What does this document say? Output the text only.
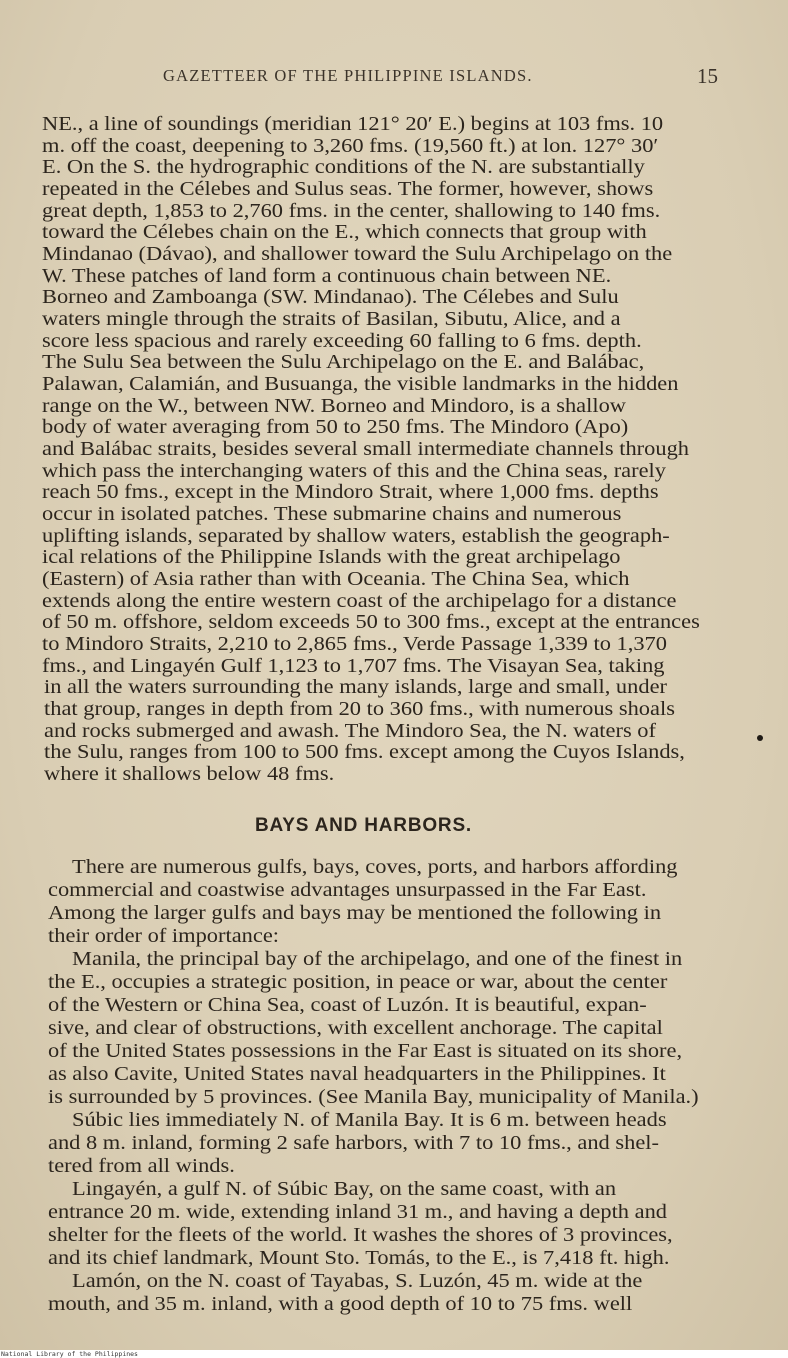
GAZETTEER OF THE PHILIPPINE ISLANDS.	15
NE., a line of soundings (meridian 121° 20′ E.) begins at 103 fms. 10
m. off the coast, deepening to 3,260 fms. (19,560 ft.) at lon. 127° 30′
E. On the S. the hydrographic conditions of the N. are substantially
repeated in the Célebes and Sulus seas. The former, however, shows
great depth, 1,853 to 2,760 fms. in the center, shallowing to 140 fms.
toward the Célebes chain on the E., which connects that group with
Mindanao (Dávao), and shallower toward the Sulu Archipelago on the
W. These patches of land form a continuous chain between NE.
Borneo and Zamboanga (SW. Mindanao). The Célebes and Sulu
waters mingle through the straits of Basilan, Sibutu, Alice, and a
score less spacious and rarely exceeding 60 falling to 6 fms. depth.
The Sulu Sea between the Sulu Archipelago on the E. and Balábac,
Palawan, Calamián, and Busuanga, the visible landmarks in the hidden
range on the W., between NW. Borneo and Mindoro, is a shallow
body of water averaging from 50 to 250 fms. The Mindoro (Apo)
and Balábac straits, besides several small intermediate channels through
which pass the interchanging waters of this and the China seas, rarely
reach 50 fms., except in the Mindoro Strait, where 1,000 fms. depths
occur in isolated patches. These submarine chains and numerous
uplifting islands, separated by shallow waters, establish the geograph-
ical relations of the Philippine Islands with the great archipelago
(Eastern) of Asia rather than with Oceania. The China Sea, which
extends along the entire western coast of the archipelago for a distance
of 50 m. offshore, seldom exceeds 50 to 300 fms., except at the entrances
to Mindoro Straits, 2,210 to 2,865 fms., Verde Passage 1,339 to 1,370
fms., and Lingayén Gulf 1,123 to 1,707 fms. The Visayan Sea, taking
in all the waters surrounding the many islands, large and small, under
that group, ranges in depth from 20 to 360 fms., with numerous shoals
and rocks submerged and awash. The Mindoro Sea, the N. waters of
the Sulu, ranges from 100 to 500 fms. except among the Cuyos Islands,
where it shallows below 48 fms.
BAYS AND HARBORS.
There are numerous gulfs, bays, coves, ports, and harbors affording
commercial and coastwise advantages unsurpassed in the Far East.
Among the larger gulfs and bays may be mentioned the following in
their order of importance:
Manila, the principal bay of the archipelago, and one of the finest in
the E., occupies a strategic position, in peace or war, about the center
of the Western or China Sea, coast of Luzón. It is beautiful, expan-
sive, and clear of obstructions, with excellent anchorage. The capital
of the United States possessions in the Far East is situated on its shore,
as also Cavite, United States naval headquarters in the Philippines. It
is surrounded by 5 provinces. (See Manila Bay, municipality of Manila.)
Súbic lies immediately N. of Manila Bay. It is 6 m. between heads
and 8 m. inland, forming 2 safe harbors, with 7 to 10 fms., and shel-
tered from all winds.
Lingayén, a gulf N. of Súbic Bay, on the same coast, with an
entrance 20 m. wide, extending inland 31 m., and having a depth and
shelter for the fleets of the world. It washes the shores of 3 provinces,
and its chief landmark, Mount Sto. Tomás, to the E., is 7,418 ft. high.
Lamón, on the N. coast of Tayabas, S. Luzón, 45 m. wide at the
mouth, and 35 m. inland, with a good depth of 10 to 75 fms. well
National Library of the Philippines
